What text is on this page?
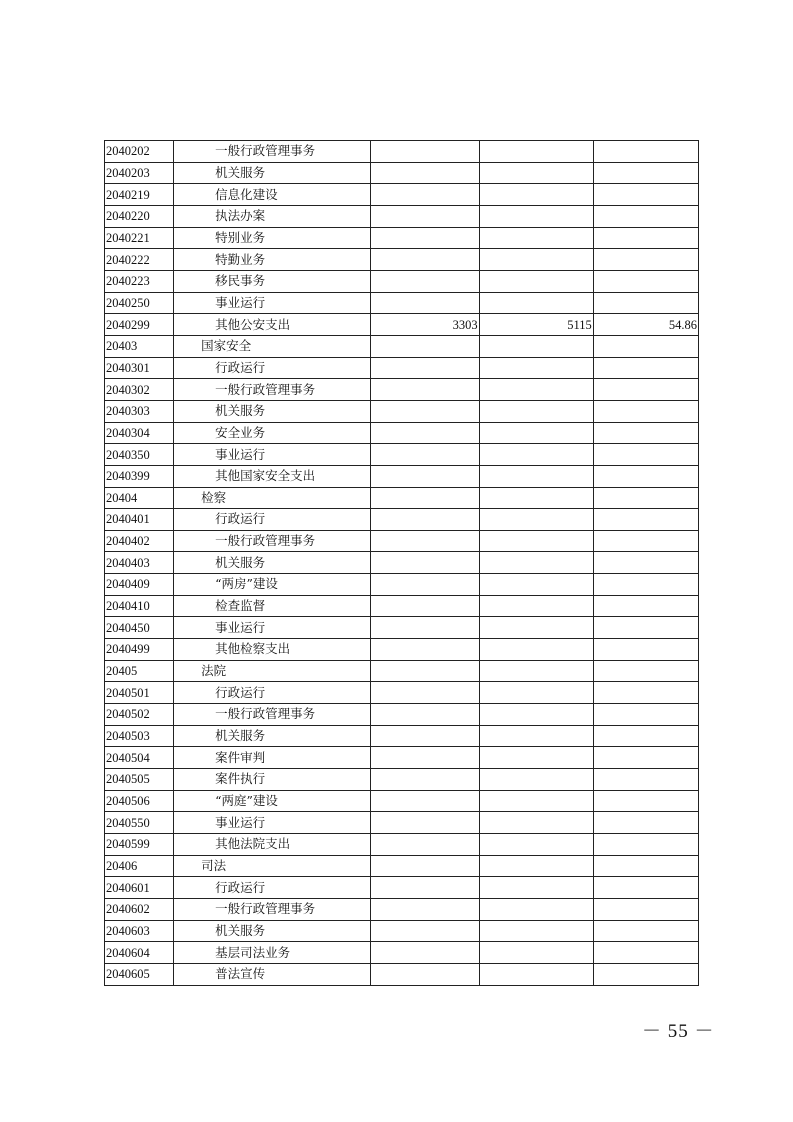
2040202	一般行政管理事务			
2040203	机关服务			
2040219	信息化建设			
2040220	执法办案			
2040221	特别业务			
2040222	特勤业务			
2040223	移民事务			
2040250	事业运行			
2040299	其他公安支出	3303	5115	54.86
20403	国家安全			
2040301	行政运行			
2040302	一般行政管理事务			
2040303	机关服务			
2040304	安全业务			
2040350	事业运行			
2040399	其他国家安全支出			
20404	检察			
2040401	行政运行			
2040402	一般行政管理事务			
2040403	机关服务			
2040409	“两房”建设			
2040410	检查监督			
2040450	事业运行			
2040499	其他检察支出			
20405	法院			
2040501	行政运行			
2040502	一般行政管理事务			
2040503	机关服务			
2040504	案件审判			
2040505	案件执行			
2040506	“两庭”建设			
2040550	事业运行			
2040599	其他法院支出			
20406	司法			
2040601	行政运行			
2040602	一般行政管理事务			
2040603	机关服务			
2040604	基层司法业务			
2040605	普法宣传			
－ 55 －
